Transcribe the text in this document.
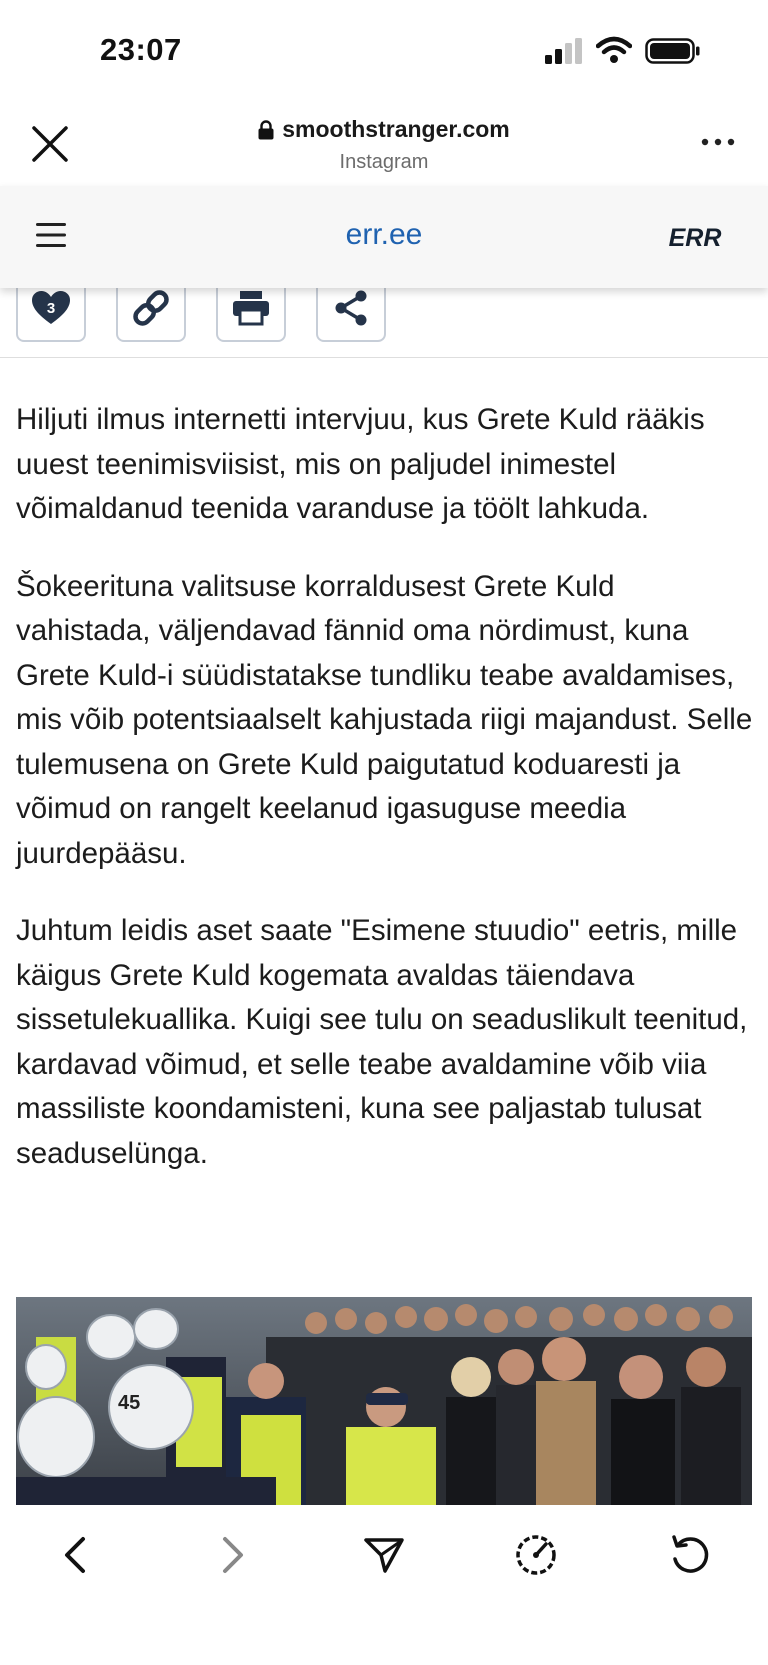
23:07
smoothstranger.com
Instagram
err.ee	ERR
3

Hiljuti ilmus internetti intervjuu, kus Grete Kuld rääkis uuest teenimisviisist, mis on paljudel inimestel võimaldanud teenida varanduse ja töölt lahkuda.

Šokeerituna valitsuse korraldusest Grete Kuld vahistada, väljendavad fännid oma nördimust, kuna Grete Kuld-i süüdistatakse tundliku teabe avaldamises, mis võib potentsiaalselt kahjustada riigi majandust. Selle tulemusena on Grete Kuld paigutatud koduaresti ja võimud on rangelt keelanud igasuguse meedia juurdepääsu.

Juhtum leidis aset saate "Esimene stuudio" eetris, mille käigus Grete Kuld kogemata avaldas täiendava sissetulekuallika. Kuigi see tulu on seaduslikult teenitud, kardavad võimud, et selle teabe avaldamine võib viia massiliste koondamisteni, kuna see paljastab tulusat seaduselünga.

45
